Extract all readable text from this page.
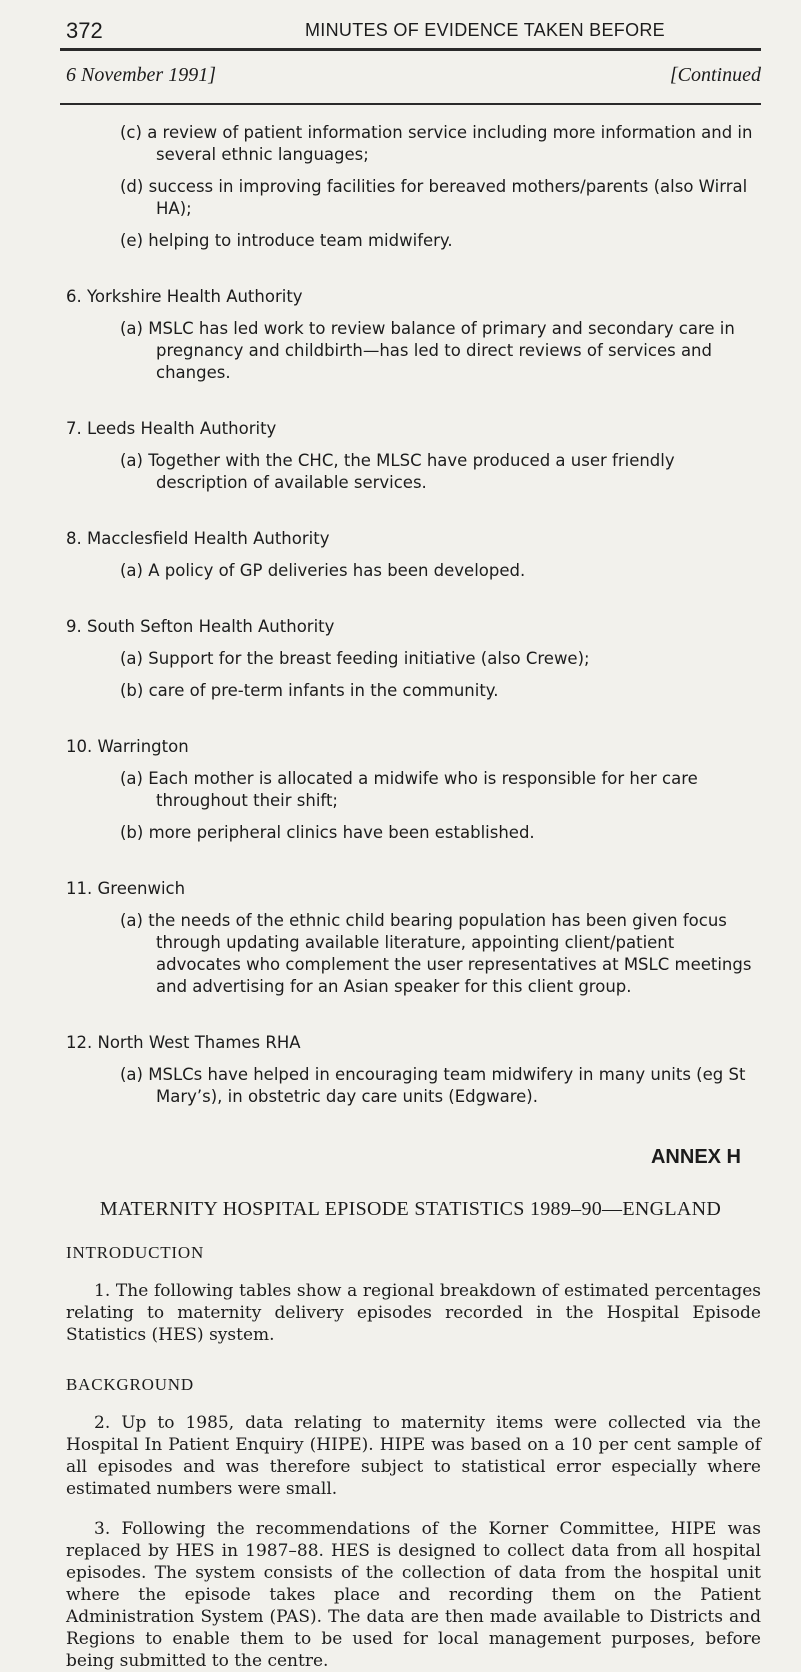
372	MINUTES OF EVIDENCE TAKEN BEFORE
6 November 1991]	[Continued
(c) a review of patient information service including more information and in several ethnic languages;
(d) success in improving facilities for bereaved mothers/parents (also Wirral HA);
(e) helping to introduce team midwifery.
6. Yorkshire Health Authority
(a) MSLC has led work to review balance of primary and secondary care in pregnancy and childbirth—has led to direct reviews of services and changes.
7. Leeds Health Authority
(a) Together with the CHC, the MLSC have produced a user friendly description of available services.
8. Macclesfield Health Authority
(a) A policy of GP deliveries has been developed.
9. South Sefton Health Authority
(a) Support for the breast feeding initiative (also Crewe);
(b) care of pre-term infants in the community.
10. Warrington
(a) Each mother is allocated a midwife who is responsible for her care throughout their shift;
(b) more peripheral clinics have been established.
11. Greenwich
(a) the needs of the ethnic child bearing population has been given focus through updating available literature, appointing client/patient advocates who complement the user representatives at MSLC meetings and advertising for an Asian speaker for this client group.
12. North West Thames RHA
(a) MSLCs have helped in encouraging team midwifery in many units (eg St Mary’s), in obstetric day care units (Edgware).
ANNEX H
MATERNITY HOSPITAL EPISODE STATISTICS 1989–90—ENGLAND
INTRODUCTION
1. The following tables show a regional breakdown of estimated percentages relating to maternity delivery episodes recorded in the Hospital Episode Statistics (HES) system.
BACKGROUND
2. Up to 1985, data relating to maternity items were collected via the Hospital In Patient Enquiry (HIPE). HIPE was based on a 10 per cent sample of all episodes and was therefore subject to statistical error especially where estimated numbers were small.
3. Following the recommendations of the Korner Committee, HIPE was replaced by HES in 1987–88. HES is designed to collect data from all hospital episodes. The system consists of the collection of data from the hospital unit where the episode takes place and recording them on the Patient Administration System (PAS). The data are then made available to Districts and Regions to enable them to be used for local management purposes, before being submitted to the centre.
